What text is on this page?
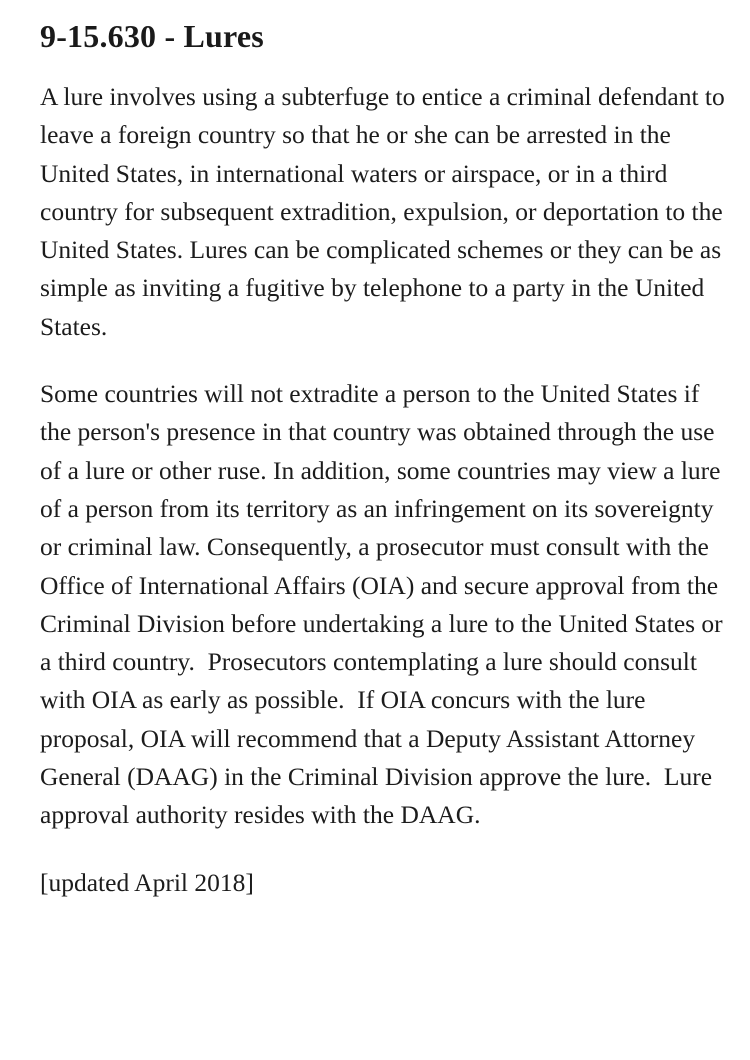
9-15.630 - Lures

A lure involves using a subterfuge to entice a criminal defendant to leave a foreign country so that he or she can be arrested in the United States, in international waters or airspace, or in a third country for subsequent extradition, expulsion, or deportation to the United States. Lures can be complicated schemes or they can be as simple as inviting a fugitive by telephone to a party in the United States.

Some countries will not extradite a person to the United States if the person's presence in that country was obtained through the use of a lure or other ruse. In addition, some countries may view a lure of a person from its territory as an infringement on its sovereignty or criminal law. Consequently, a prosecutor must consult with the Office of International Affairs (OIA) and secure approval from the Criminal Division before undertaking a lure to the United States or a third country.  Prosecutors contemplating a lure should consult with OIA as early as possible.  If OIA concurs with the lure proposal, OIA will recommend that a Deputy Assistant Attorney General (DAAG) in the Criminal Division approve the lure.  Lure approval authority resides with the DAAG.

[updated April 2018]
